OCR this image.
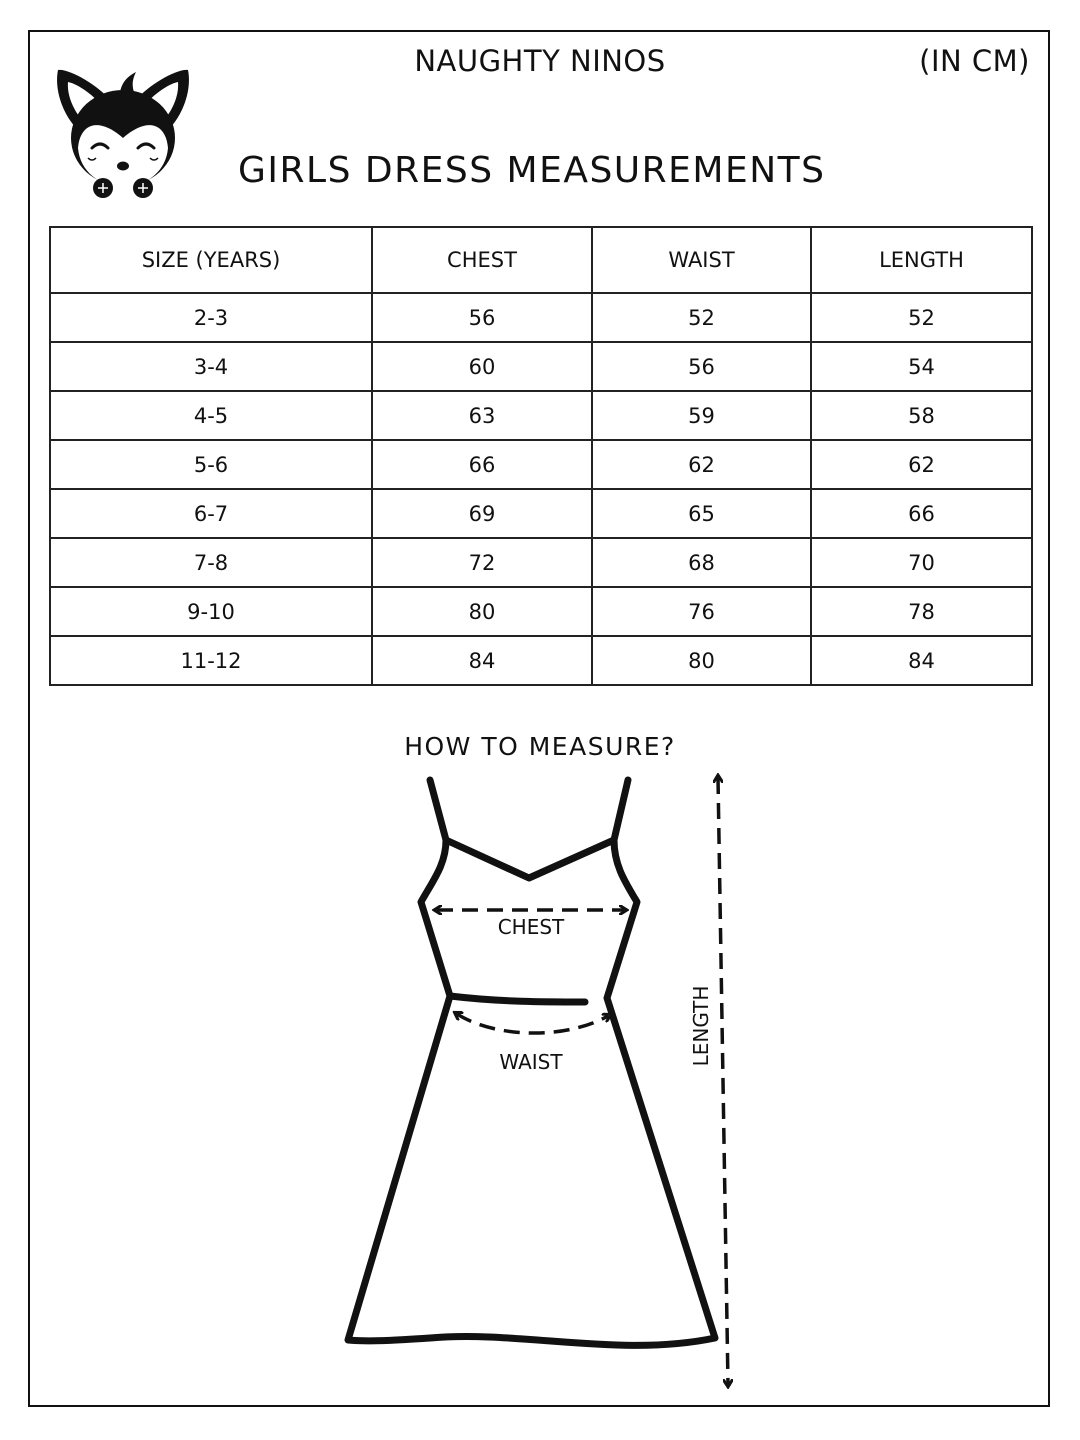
NAUGHTY NINOS	(IN CM)
GIRLS DRESS MEASUREMENTS
SIZE (YEARS)	CHEST	WAIST	LENGTH
2-3	56	52	52
3-4	60	56	54
4-5	63	59	58
5-6	66	62	62
6-7	69	65	66
7-8	72	68	70
9-10	80	76	78
11-12	84	80	84
HOW TO MEASURE?
CHEST
WAIST	LENGTH
